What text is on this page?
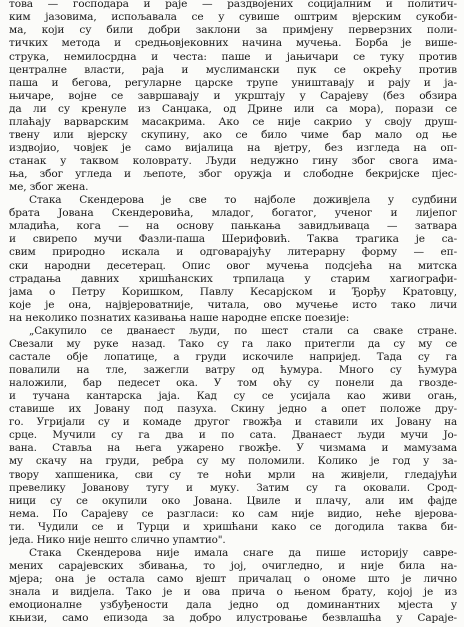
това — господара и раје — раздвојених социјалним и политич-
ким јазовима, испољавала се у сувише оштрим вјерским сукоби-
ма, који су били добри заклони за примјену перверзних поли-
тичких метода и средњовјековних начина мучења. Борба је више-
струка, немилосрдна и честа: паше и јањичари се туку против
централне власти, раја и муслимански пук се окрећу против
паша и бегова, регуларне царске трупе уништавају и рају и ја-
њичаре, војне се завршавају и укрштају у Сарајеву (без обзира
да ли су кренуле из Санџака, од Дрине или са мора), порази се
плаћају варварским масакрима. Ако се није сакрио у своју друш-
твену или вјерску скупину, ако се било чиме бар мало од ње
издвојио, човјек је само вијалица на вјетру, без изгледа на оп-
станак у таквом коловрату. Људи недужно гину због свога има-
ња, због угледа и љепоте, због оружја и слободне бекријске пјес-
ме, због жена.
Стака Скендерова је све то најболе доживјела у судбини
брата Јована Скендеровића, младог, богатог, ученог и лијепог
младића, кога — на основу пањкања завидљиваца — затвара
и свирепо мучи Фазли-паша Шерифовић. Таква трагика је са-
свим природно искала и одговарајућу литерарну форму — еп-
ски народни десетерац. Опис овог мучења подсјећа на митска
страдања давних хришћанских трпилаца у старим хагиографи-
јама о Петру Коришком, Павлу Кесарјском и Ђорђу Кратовцу,
које је она, највјероватније, читала, ово мучење исто тако личи
на неколико познатих казивања наше народне епске поезије:
„Сакупило се дванаест људи, по шест стали са сваке стране.
Свезали му руке назад. Тако су га лако притегли да су му се
састале обје лопатице, а груди искочиле напријед. Тада су га
повалили на тле, зажегли ватру од ћумура. Много су ћумура
наложили, бар педесет ока. У том оћу су понели да гвозде-
и тучана кантарска јаја. Кад су се усијала као живи огањ,
ставише их Јовану под пазуха. Скину једно а опет положе дру-
го. Угријали су и комаде другог гвожђа и ставили их Јовану на
срце. Мучили су га два и по сата. Дванаест људи мучи Јо-
вана. Стављa на њега ужарено гвожђе. У чизмама и мамузама
му скачу на груди, ребра су му поломили. Колико је год у за-
твору хапшеника, сви су те ноћи мрли на живјели, гледајући
превелику Јованову тугу и муку. Затим су га оковали. Срод-
ници су се окупили око Јована. Цвиле и плачу, али им фајде
нема. По Сарајеву се разгласи: ко сам није видио, неће вјерова-
ти. Чудили се и Турци и хришћани како се догодила таква би-
једа. Нико није нешто слично упамтио".
Стака Скендерова није имала снаге да пише историју савре-
мених сарајевских збивања, то јој, очигледно, и није била на-
мјера; она је остала само вјешт причалац о ономе што је лично
знала и видјела. Тако је и ова прича о њеном брату, којој је из
емоционалне узбуђености дала једно од доминантних мјеста у
књизи, само епизода за добро илустровање безвлашћа у Сараје-
